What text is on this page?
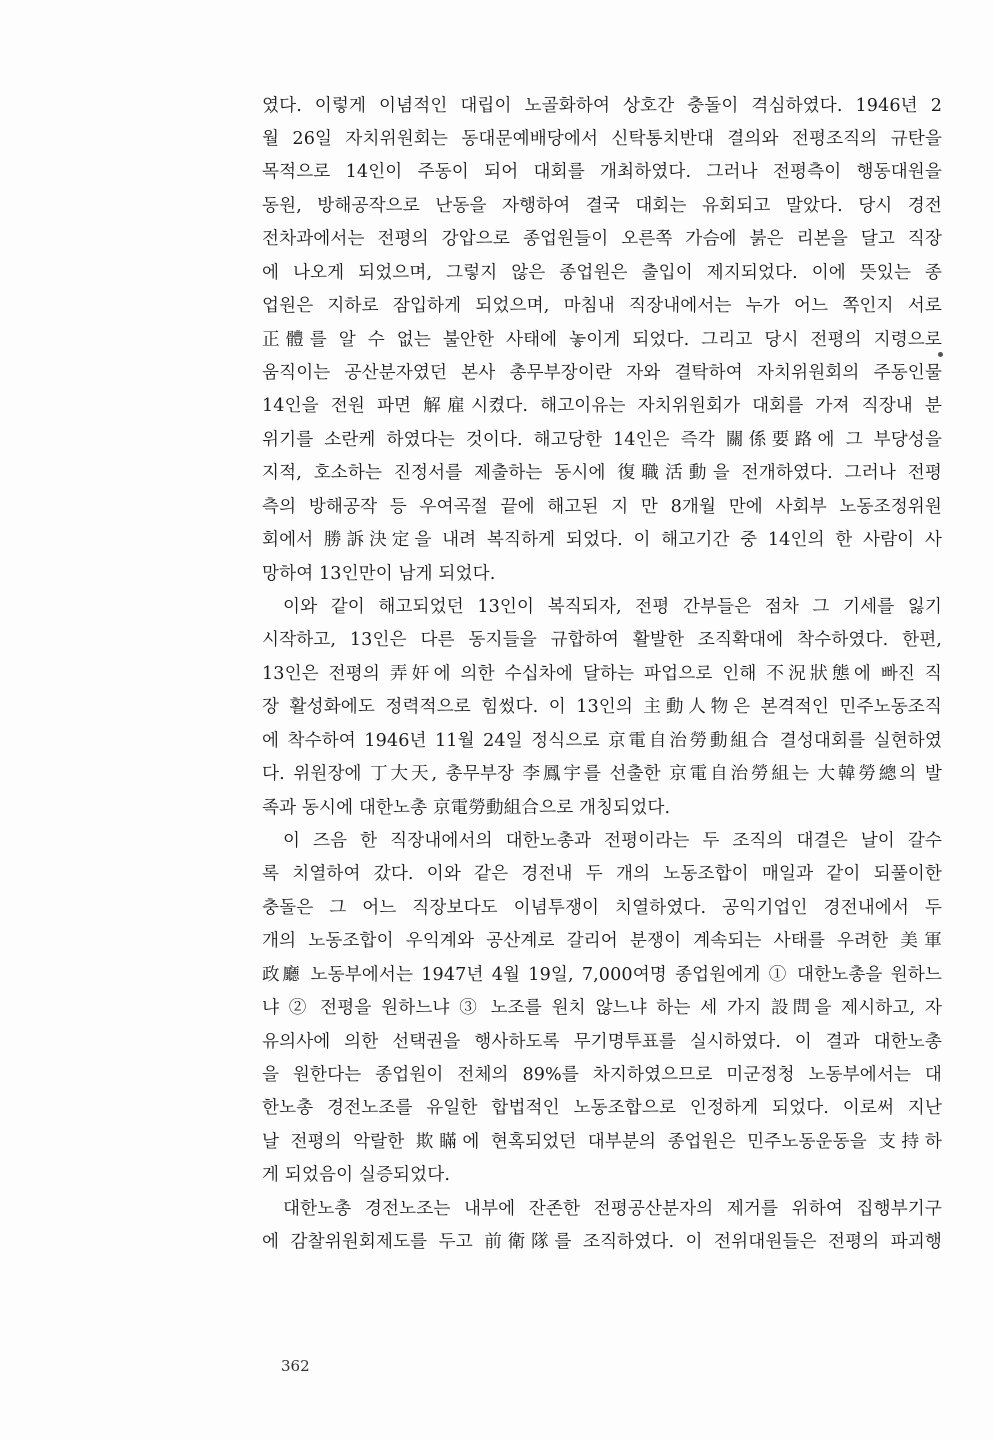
였다. 이렇게 이념적인 대립이 노골화하여 상호간 충돌이 격심하였다. 1946년 2
월 26일 자치위원회는 동대문예배당에서 신탁통치반대 결의와 전평조직의 규탄을
목적으로 14인이 주동이 되어 대회를 개최하였다. 그러나 전평측이 행동대원을
동원, 방해공작으로 난동을 자행하여 결국 대회는 유회되고 말았다. 당시 경전
전차과에서는 전평의 강압으로 종업원들이 오른쪽 가슴에 붉은 리본을 달고 직장
에 나오게 되었으며, 그렇지 않은 종업원은 출입이 제지되었다. 이에 뜻있는 종
업원은 지하로 잠입하게 되었으며, 마침내 직장내에서는 누가 어느 쪽인지 서로
正體를 알 수 없는 불안한 사태에 놓이게 되었다. 그리고 당시 전평의 지령으로
움직이는 공산분자였던 본사 총무부장이란 자와 결탁하여 자치위원회의 주동인물
14인을 전원 파면 解雇시켰다. 해고이유는 자치위원회가 대회를 가져 직장내 분
위기를 소란케 하였다는 것이다. 해고당한 14인은 즉각 關係要路에 그 부당성을
지적, 호소하는 진정서를 제출하는 동시에 復職活動을 전개하였다. 그러나 전평
측의 방해공작 등 우여곡절 끝에 해고된 지 만 8개월 만에 사회부 노동조정위원
회에서 勝訴決定을 내려 복직하게 되었다. 이 해고기간 중 14인의 한 사람이 사
망하여 13인만이 남게 되었다.
이와 같이 해고되었던 13인이 복직되자, 전평 간부들은 점차 그 기세를 잃기
시작하고, 13인은 다른 동지들을 규합하여 활발한 조직확대에 착수하였다. 한편,
13인은 전평의 弄奸에 의한 수십차에 달하는 파업으로 인해 不況狀態에 빠진 직
장 활성화에도 정력적으로 힘썼다. 이 13인의 主動人物은 본격적인 민주노동조직
에 착수하여 1946년 11월 24일 정식으로 京電自治勞動組合 결성대회를 실현하였
다. 위원장에 丁大天, 총무부장 李鳳宇를 선출한 京電自治勞組는 大韓勞總의 발
족과 동시에 대한노총 京電勞動組合으로 개칭되었다.
이 즈음 한 직장내에서의 대한노총과 전평이라는 두 조직의 대결은 날이 갈수
록 치열하여 갔다. 이와 같은 경전내 두 개의 노동조합이 매일과 같이 되풀이한
충돌은 그 어느 직장보다도 이념투쟁이 치열하였다. 공익기업인 경전내에서 두
개의 노동조합이 우익계와 공산계로 갈리어 분쟁이 계속되는 사태를 우려한 美軍
政廳 노동부에서는 1947년 4월 19일, 7,000여명 종업원에게 ① 대한노총을 원하느
냐 ② 전평을 원하느냐 ③ 노조를 원치 않느냐 하는 세 가지 設問을 제시하고, 자
유의사에 의한 선택권을 행사하도록 무기명투표를 실시하였다. 이 결과 대한노총
을 원한다는 종업원이 전체의 89%를 차지하였으므로 미군정청 노동부에서는 대
한노총 경전노조를 유일한 합법적인 노동조합으로 인정하게 되었다. 이로써 지난
날 전평의 악랄한 欺瞞에 현혹되었던 대부분의 종업원은 민주노동운동을 支持하
게 되었음이 실증되었다.
대한노총 경전노조는 내부에 잔존한 전평공산분자의 제거를 위하여 집행부기구
에 감찰위원회제도를 두고 前衛隊를 조직하였다. 이 전위대원들은 전평의 파괴행
362
